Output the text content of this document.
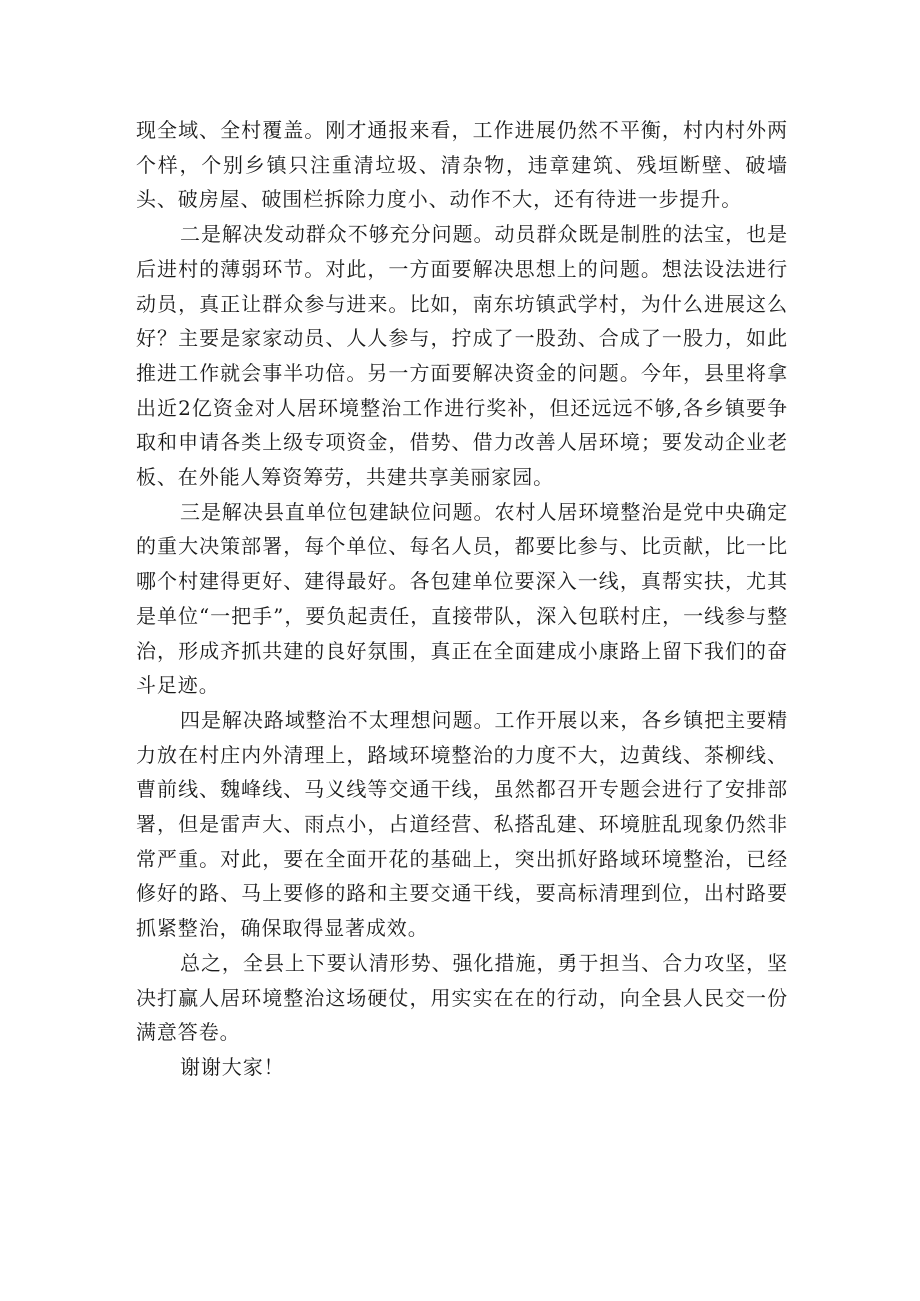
现全域、全村覆盖。刚才通报来看，工作进展仍然不平衡，村内村外两个样，个别乡镇只注重清垃圾、清杂物，违章建筑、残垣断壁、破墙头、破房屋、破围栏拆除力度小、动作不大，还有待进一步提升。

二是解决发动群众不够充分问题。动员群众既是制胜的法宝，也是后进村的薄弱环节。对此，一方面要解决思想上的问题。想法设法进行动员，真正让群众参与进来。比如，南东坊镇武学村，为什么进展这么好？主要是家家动员、人人参与，拧成了一股劲、合成了一股力，如此推进工作就会事半功倍。另一方面要解决资金的问题。今年，县里将拿出近2亿资金对人居环境整治工作进行奖补，但还远远不够,各乡镇要争取和申请各类上级专项资金，借势、借力改善人居环境；要发动企业老板、在外能人筹资筹劳，共建共享美丽家园。

三是解决县直单位包建缺位问题。农村人居环境整治是党中央确定的重大决策部署，每个单位、每名人员，都要比参与、比贡献，比一比哪个村建得更好、建得最好。各包建单位要深入一线，真帮实扶，尤其是单位“一把手”，要负起责任，直接带队，深入包联村庄，一线参与整治，形成齐抓共建的良好氛围，真正在全面建成小康路上留下我们的奋斗足迹。

四是解决路域整治不太理想问题。工作开展以来，各乡镇把主要精力放在村庄内外清理上，路域环境整治的力度不大，边黄线、茶柳线、曹前线、魏峰线、马义线等交通干线，虽然都召开专题会进行了安排部署，但是雷声大、雨点小，占道经营、私搭乱建、环境脏乱现象仍然非常严重。对此，要在全面开花的基础上，突出抓好路域环境整治，已经修好的路、马上要修的路和主要交通干线，要高标清理到位，出村路要抓紧整治，确保取得显著成效。

总之，全县上下要认清形势、强化措施，勇于担当、合力攻坚，坚决打赢人居环境整治这场硬仗，用实实在在的行动，向全县人民交一份满意答卷。

谢谢大家！
